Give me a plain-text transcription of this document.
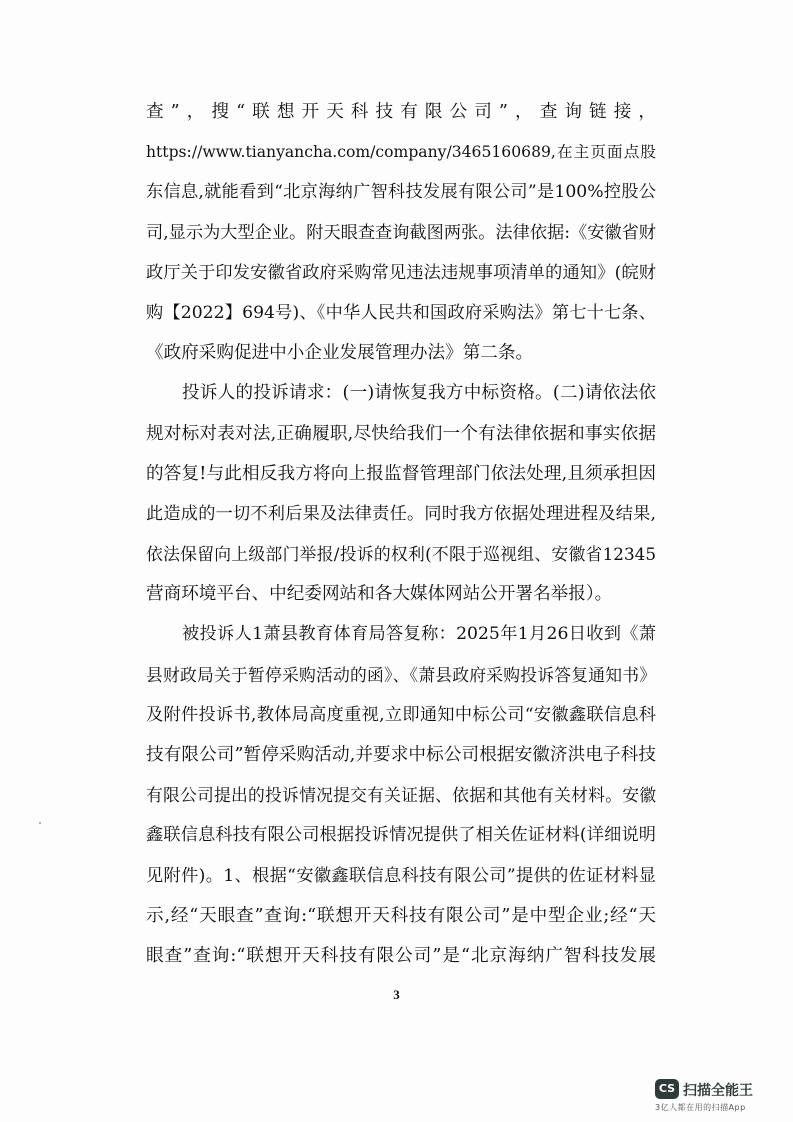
查”，搜“联想开天科技有限公司”，查询链接，
https://www.tianyancha.com/company/3465160689,在主页面点股
东信息,就能看到“北京海纳广智科技发展有限公司”是100%控股公
司,显示为大型企业。附天眼查查询截图两张。法律依据:《安徽省财
政厅关于印发安徽省政府采购常见违法违规事项清单的通知》(皖财
购【2022】694号)、《中华人民共和国政府采购法》第七十七条、
《政府采购促进中小企业发展管理办法》第二条。
投诉人的投诉请求：(一)请恢复我方中标资格。(二)请依法依
规对标对表对法,正确履职,尽快给我们一个有法律依据和事实依据
的答复!与此相反我方将向上报监督管理部门依法处理,且须承担因
此造成的一切不利后果及法律责任。同时我方依据处理进程及结果,
依法保留向上级部门举报/投诉的权利(不限于巡视组、安徽省12345
营商环境平台、中纪委网站和各大媒体网站公开署名举报）。
被投诉人1萧县教育体育局答复称：2025年1月26日收到《萧
县财政局关于暂停采购活动的函》、《萧县政府采购投诉答复通知书》
及附件投诉书,教体局高度重视,立即通知中标公司“安徽鑫联信息科
技有限公司”暂停采购活动,并要求中标公司根据安徽济洪电子科技
有限公司提出的投诉情况提交有关证据、依据和其他有关材料。安徽
鑫联信息科技有限公司根据投诉情况提供了相关佐证材料(详细说明
见附件)。1、根据“安徽鑫联信息科技有限公司”提供的佐证材料显
示,经“天眼查”查询:“联想开天科技有限公司”是中型企业;经“天
眼查”查询:“联想开天科技有限公司”是“北京海纳广智科技发展
3
CS 扫描全能王
3亿人都在用的扫描App
